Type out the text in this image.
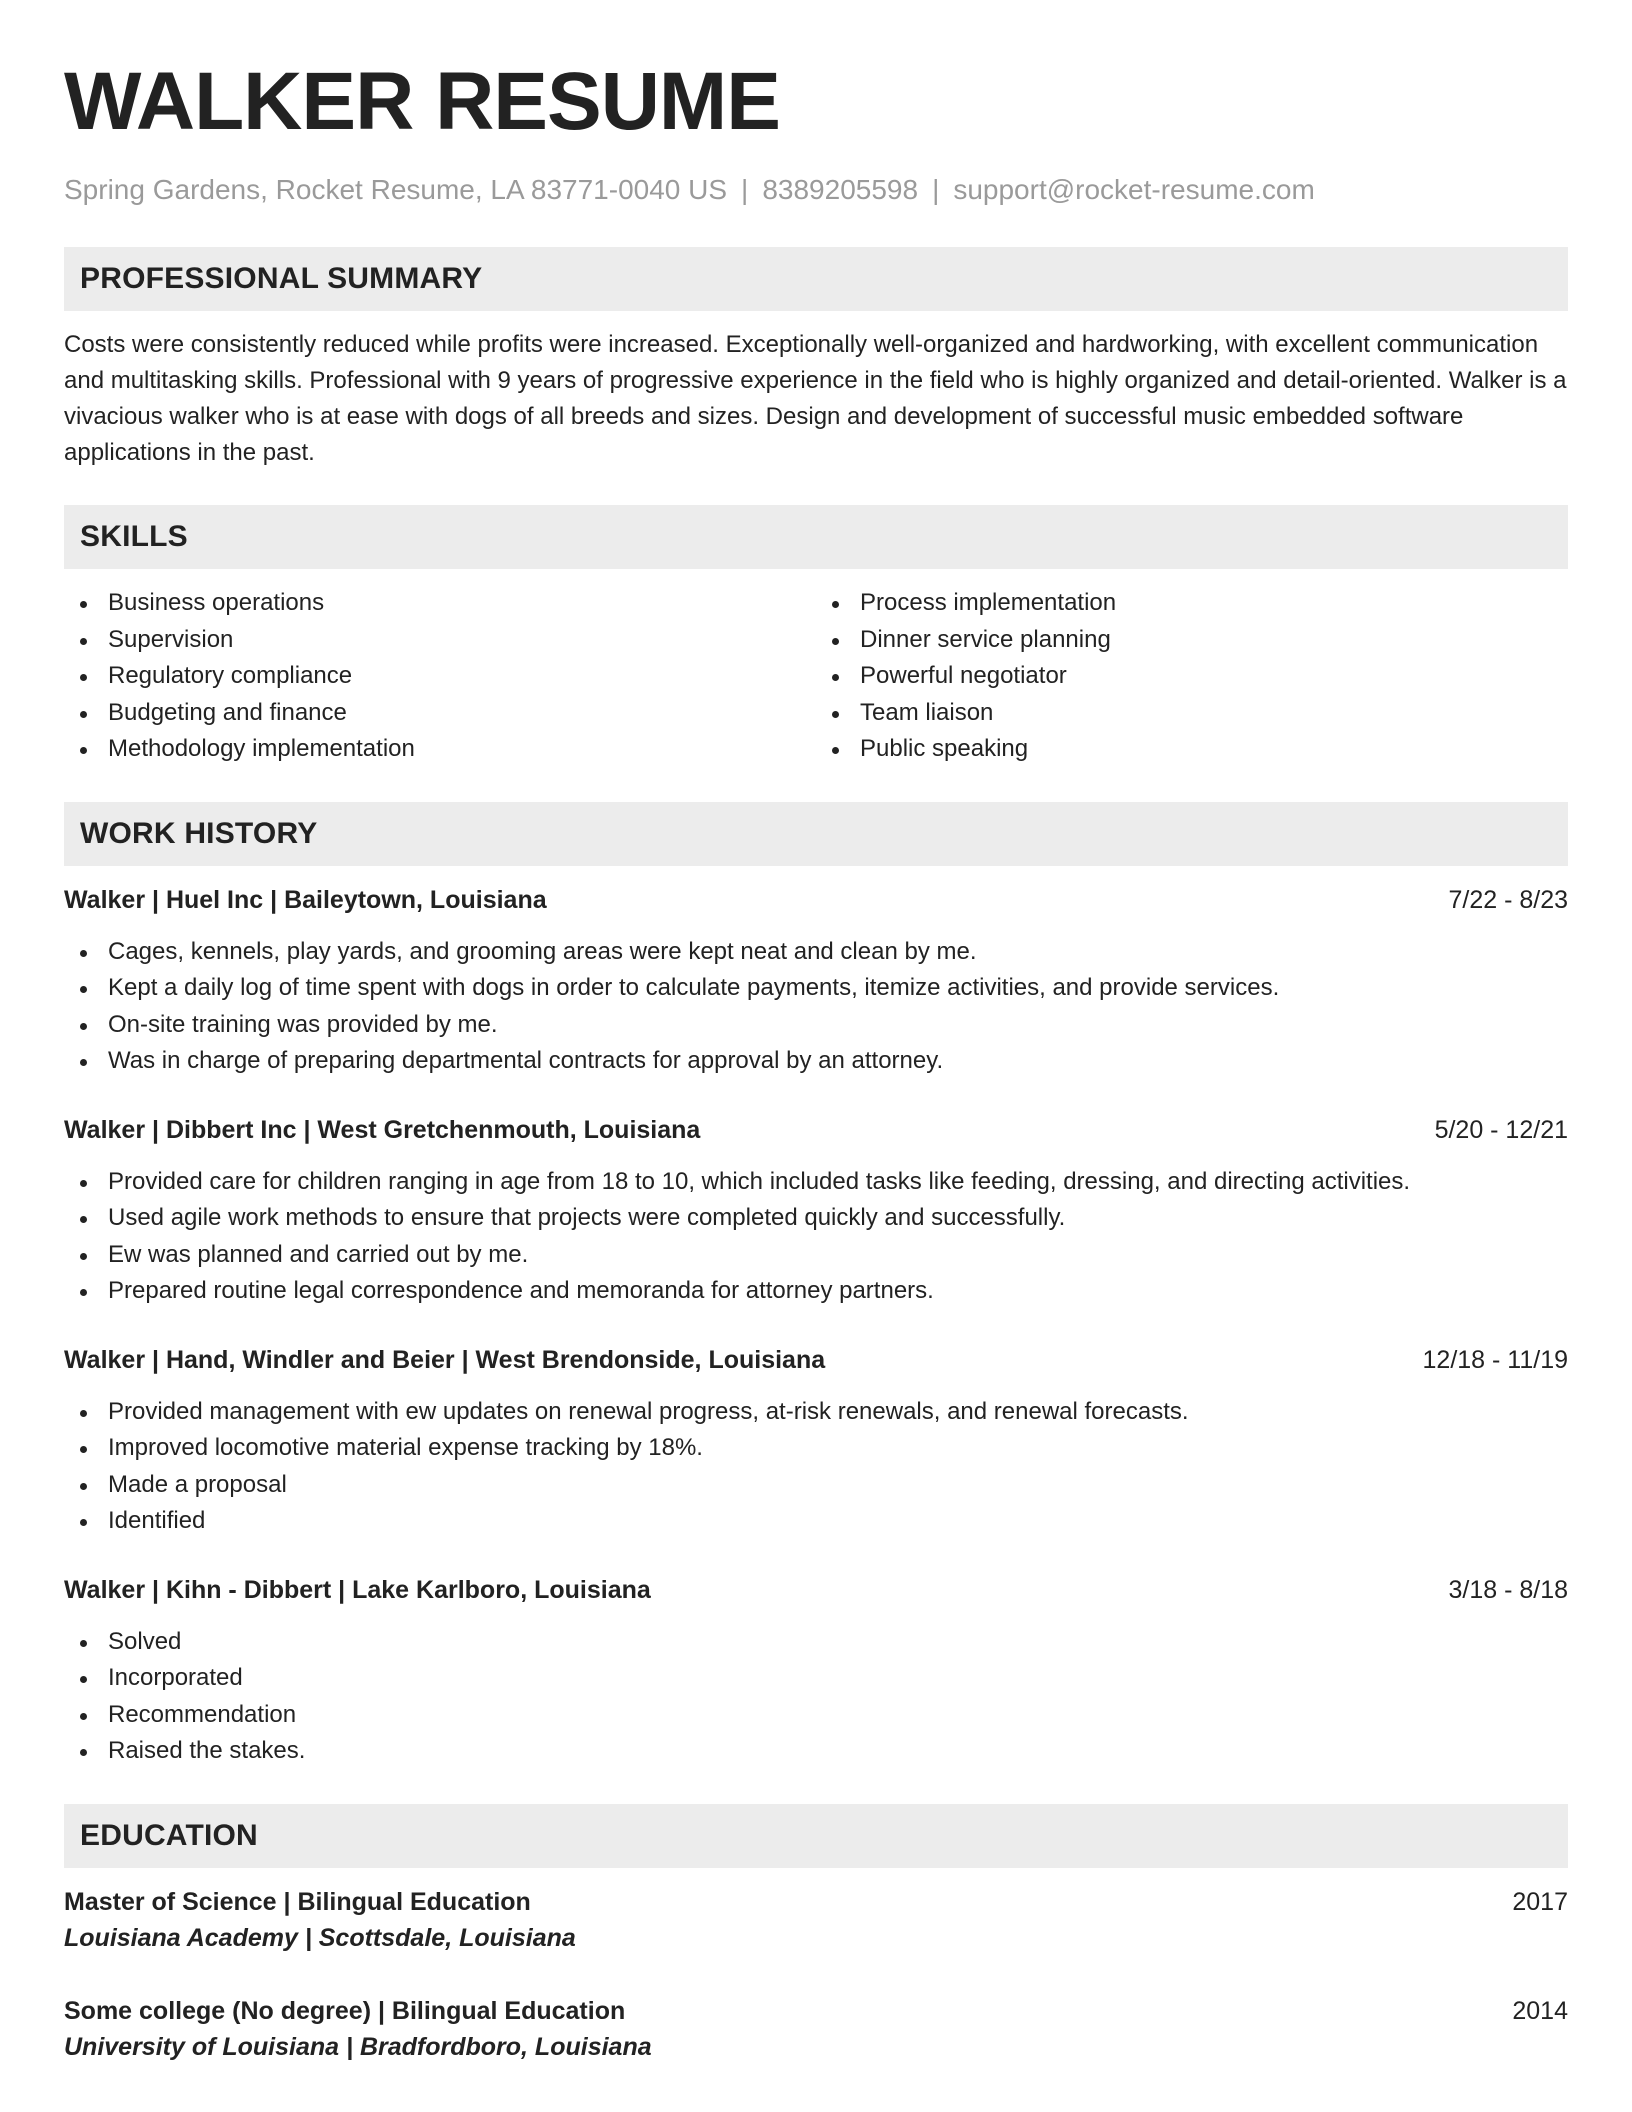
WALKER RESUME
Spring Gardens, Rocket Resume, LA 83771-0040 US | 8389205598 | support@rocket-resume.com
PROFESSIONAL SUMMARY

Costs were consistently reduced while profits were increased. Exceptionally well-organized and hardworking, with excellent communication and multitasking skills. Professional with 9 years of progressive experience in the field who is highly organized and detail-oriented. Walker is a vivacious walker who is at ease with dogs of all breeds and sizes. Design and development of successful music embedded software applications in the past.

SKILLS
Business operations
Supervision
Regulatory compliance
Budgeting and finance
Methodology implementation
Process implementation
Dinner service planning
Powerful negotiator
Team liaison
Public speaking
WORK HISTORY
Walker | Huel Inc | Baileytown, Louisiana	7/22 - 8/23
Cages, kennels, play yards, and grooming areas were kept neat and clean by me.
Kept a daily log of time spent with dogs in order to calculate payments, itemize activities, and provide services.
On-site training was provided by me.
Was in charge of preparing departmental contracts for approval by an attorney.
Walker | Dibbert Inc | West Gretchenmouth, Louisiana	5/20 - 12/21
Provided care for children ranging in age from 18 to 10, which included tasks like feeding, dressing, and directing activities.
Used agile work methods to ensure that projects were completed quickly and successfully.
Ew was planned and carried out by me.
Prepared routine legal correspondence and memoranda for attorney partners.
Walker | Hand, Windler and Beier | West Brendonside, Louisiana	12/18 - 11/19
Provided management with ew updates on renewal progress, at-risk renewals, and renewal forecasts.
Improved locomotive material expense tracking by 18%.
Made a proposal
Identified
Walker | Kihn - Dibbert | Lake Karlboro, Louisiana	3/18 - 8/18
Solved
Incorporated
Recommendation
Raised the stakes.
EDUCATION
Master of Science | Bilingual Education	2017
Louisiana Academy | Scottsdale, Louisiana
Some college (No degree) | Bilingual Education	2014
University of Louisiana | Bradfordboro, Louisiana
